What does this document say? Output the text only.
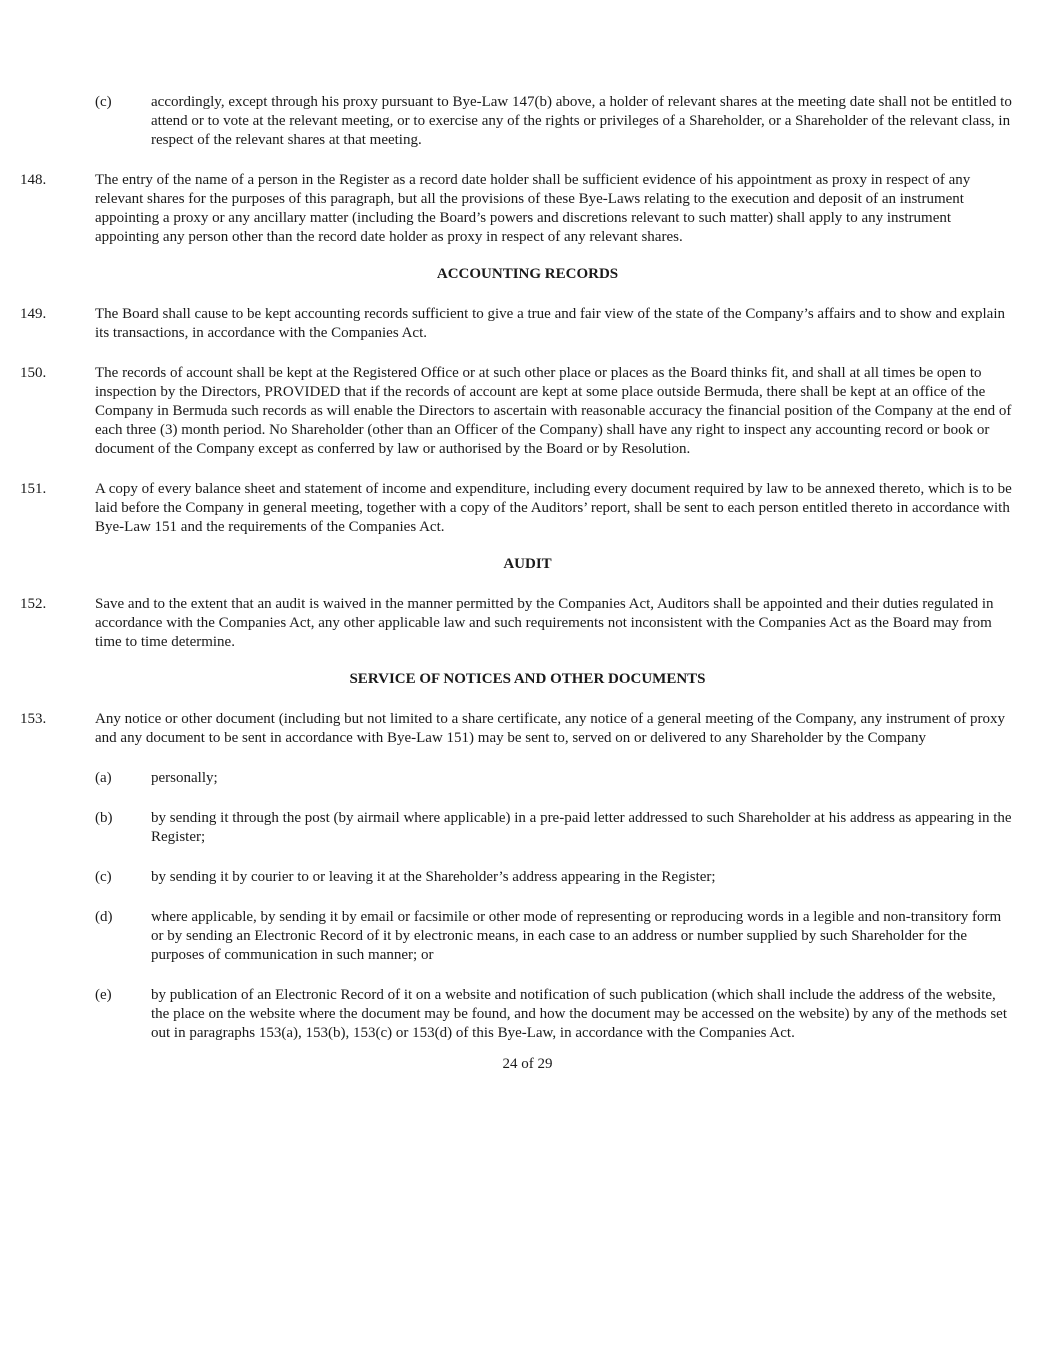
(c)	accordingly, except through his proxy pursuant to Bye-Law 147(b) above, a holder of relevant shares at the meeting date shall not be entitled to attend or to vote at the relevant meeting, or to exercise any of the rights or privileges of a Shareholder, or a Shareholder of the relevant class, in respect of the relevant shares at that meeting.

148.	The entry of the name of a person in the Register as a record date holder shall be sufficient evidence of his appointment as proxy in respect of any relevant shares for the purposes of this paragraph, but all the provisions of these Bye-Laws relating to the execution and deposit of an instrument appointing a proxy or any ancillary matter (including the Board’s powers and discretions relevant to such matter) shall apply to any instrument appointing any person other than the record date holder as proxy in respect of any relevant shares.

ACCOUNTING RECORDS

149.	The Board shall cause to be kept accounting records sufficient to give a true and fair view of the state of the Company’s affairs and to show and explain its transactions, in accordance with the Companies Act.

150.	The records of account shall be kept at the Registered Office or at such other place or places as the Board thinks fit, and shall at all times be open to inspection by the Directors, PROVIDED that if the records of account are kept at some place outside Bermuda, there shall be kept at an office of the Company in Bermuda such records as will enable the Directors to ascertain with reasonable accuracy the financial position of the Company at the end of each three (3) month period. No Shareholder (other than an Officer of the Company) shall have any right to inspect any accounting record or book or document of the Company except as conferred by law or authorised by the Board or by Resolution.

151.	A copy of every balance sheet and statement of income and expenditure, including every document required by law to be annexed thereto, which is to be laid before the Company in general meeting, together with a copy of the Auditors’ report, shall be sent to each person entitled thereto in accordance with Bye-Law 151 and the requirements of the Companies Act.

AUDIT

152.	Save and to the extent that an audit is waived in the manner permitted by the Companies Act, Auditors shall be appointed and their duties regulated in accordance with the Companies Act, any other applicable law and such requirements not inconsistent with the Companies Act as the Board may from time to time determine.

SERVICE OF NOTICES AND OTHER DOCUMENTS

153.	Any notice or other document (including but not limited to a share certificate, any notice of a general meeting of the Company, any instrument of proxy and any document to be sent in accordance with Bye-Law 151) may be sent to, served on or delivered to any Shareholder by the Company

(a)	personally;

(b)	by sending it through the post (by airmail where applicable) in a pre-paid letter addressed to such Shareholder at his address as appearing in the Register;

(c)	by sending it by courier to or leaving it at the Shareholder’s address appearing in the Register;

(d)	where applicable, by sending it by email or facsimile or other mode of representing or reproducing words in a legible and non-transitory form or by sending an Electronic Record of it by electronic means, in each case to an address or number supplied by such Shareholder for the purposes of communication in such manner; or

(e)	by publication of an Electronic Record of it on a website and notification of such publication (which shall include the address of the website, the place on the website where the document may be found, and how the document may be accessed on the website) by any of the methods set out in paragraphs 153(a), 153(b), 153(c) or 153(d) of this Bye-Law, in accordance with the Companies Act.

24 of 29
